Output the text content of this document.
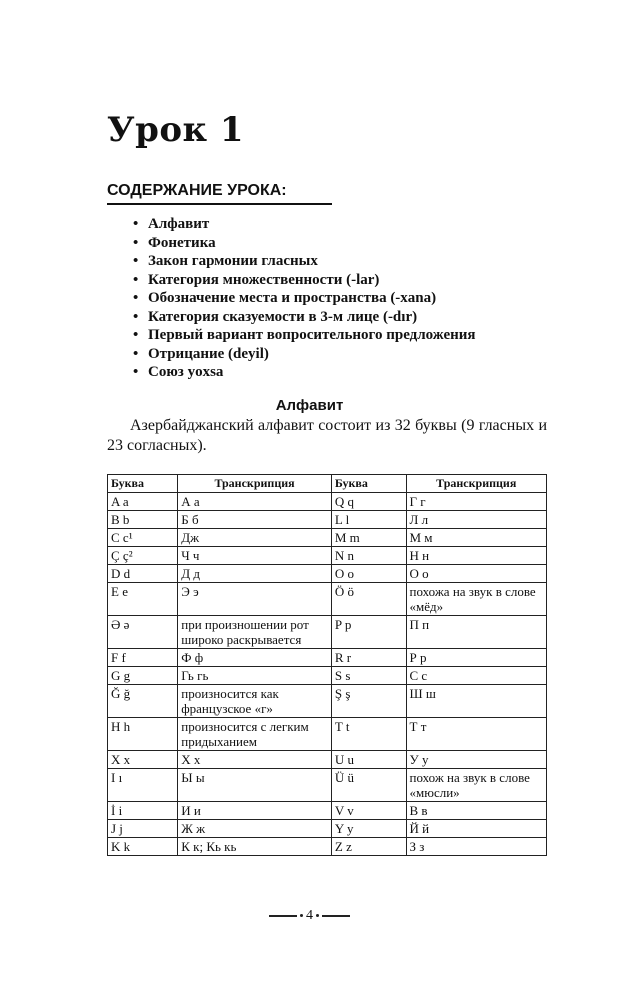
Урок 1
СОДЕРЖАНИЕ УРОКА:
• Алфавит
• Фонетика
• Закон гармонии гласных
• Категория множественности (-lar)
• Обозначение места и пространства (-xana)
• Категория сказуемости в 3-м лице (-dır)
• Первый вариант вопросительного предложения
• Отрицание (deyil)
• Союз yoxsa
Алфавит

Азербайджанский алфавит состоит из 32 буквы (9 гласных и 23 согласных).

Буква	Транскрипция	Буква	Транскрипция
A a	А а	Q q	Г г
B b	Б б	L l	Л л
C c¹	Дж	M m	М м
Ç ç²	Ч ч	N n	Н н
D d	Д д	O o	О о
E e	Э э	Ö ö	похожа на звук в слове «мёд»
Ə ə	при произношении рот широко раскрывается	P p	П п
F f	Ф ф	R r	Р р
G g	Гь гь	S s	С с
Ğ ğ	произносится как французское «г»	Ş ş	Ш ш
H h	произносится с легким придыханием	T t	Т т
X x	Х х	U u	У у
I ı	Ы ы	Ü ü	похож на звук в слове «мюсли»
İ i	И и	V v	В в
J j	Ж ж	Y y	Й й
K k	К к; Кь кь	Z z	З з
4
